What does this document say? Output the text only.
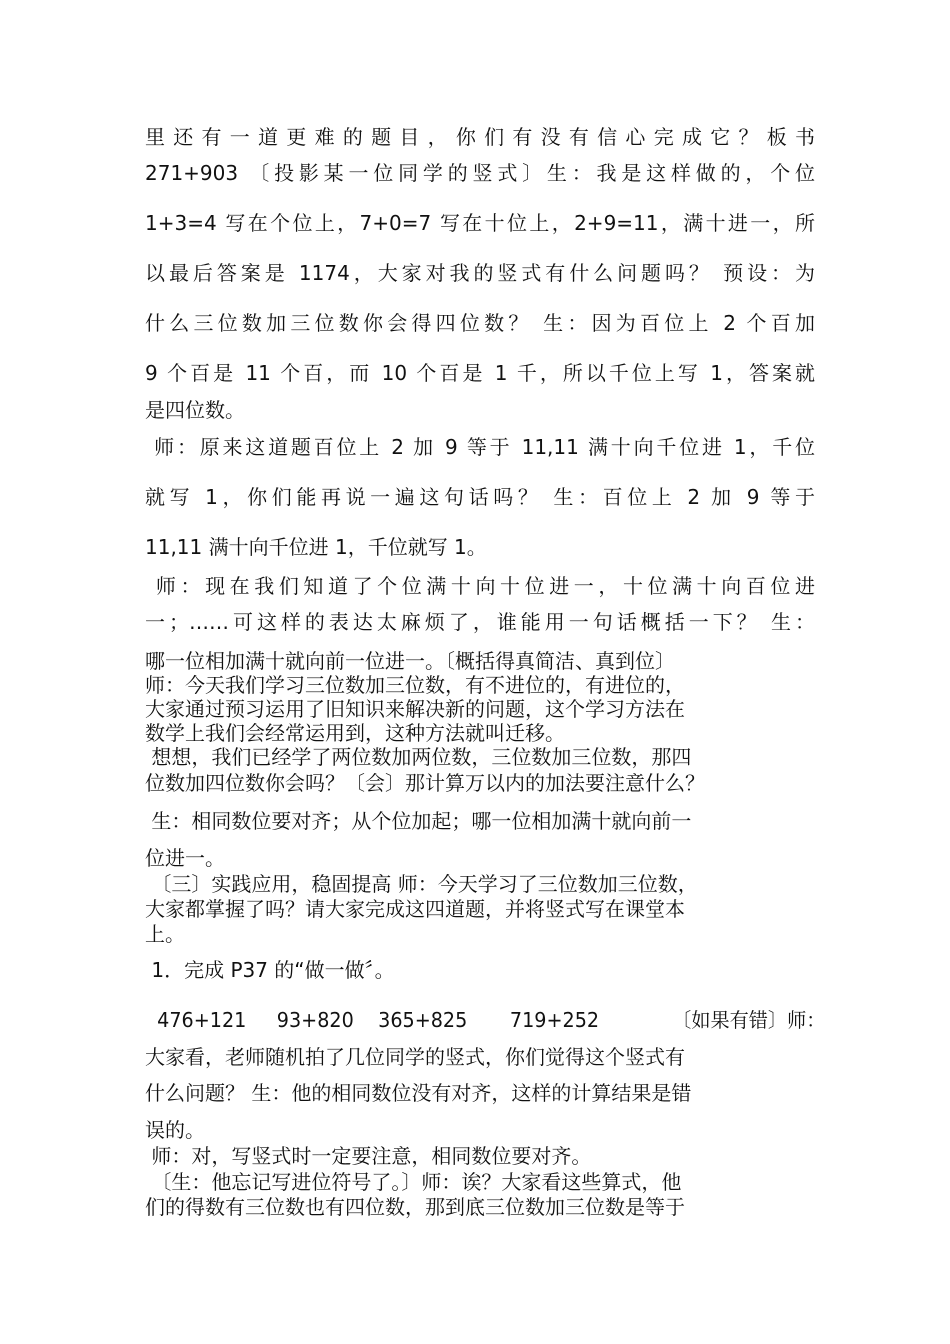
里还有一道更难的题目，你们有没有信心完成它？板书
271+903 〔投影某一位同学的竖式〕生：我是这样做的，个位
1+3=4 写在个位上，7+0=7 写在十位上，2+9=11，满十进一，所
以最后答案是 1174，大家对我的竖式有什么问题吗？ 预设：为
什么三位数加三位数你会得四位数？ 生：因为百位上 2 个百加
9 个百是 11 个百，而 10 个百是 1 千，所以千位上写 1，答案就
是四位数。
师：原来这道题百位上 2 加 9 等于 11,11 满十向千位进 1，千位
就写 1，你们能再说一遍这句话吗？ 生：百位上 2 加 9 等于
11,11 满十向千位进 1，千位就写 1。
师：现在我们知道了个位满十向十位进一，十位满十向百位进
一；……可这样的表达太麻烦了，谁能用一句话概括一下？ 生：
哪一位相加满十就向前一位进一。〔概括得真简洁、真到位〕
师：今天我们学习三位数加三位数，有不进位的，有进位的，
大家通过预习运用了旧知识来解决新的问题，这个学习方法在
数学上我们会经常运用到，这种方法就叫迁移。
想想，我们已经学了两位数加两位数，三位数加三位数，那四
位数加四位数你会吗？〔会〕那计算万以内的加法要注意什么？
生：相同数位要对齐；从个位加起；哪一位相加满十就向前一
位进一。
〔三〕实践应用，稳固提高 师：今天学习了三位数加三位数，
大家都掌握了吗？请大家完成这四道题，并将竖式写在课堂本
上。
1．完成 P37 的“做一做〞。
476+121     93+820    365+825       719+252            〔如果有错〕师：
大家看，老师随机拍了几位同学的竖式，你们觉得这个竖式有
什么问题？ 生：他的相同数位没有对齐，这样的计算结果是错
误的。
师：对，写竖式时一定要注意，相同数位要对齐。
〔生：他忘记写进位符号了。〕师：诶？大家看这些算式，他
们的得数有三位数也有四位数，那到底三位数加三位数是等于
